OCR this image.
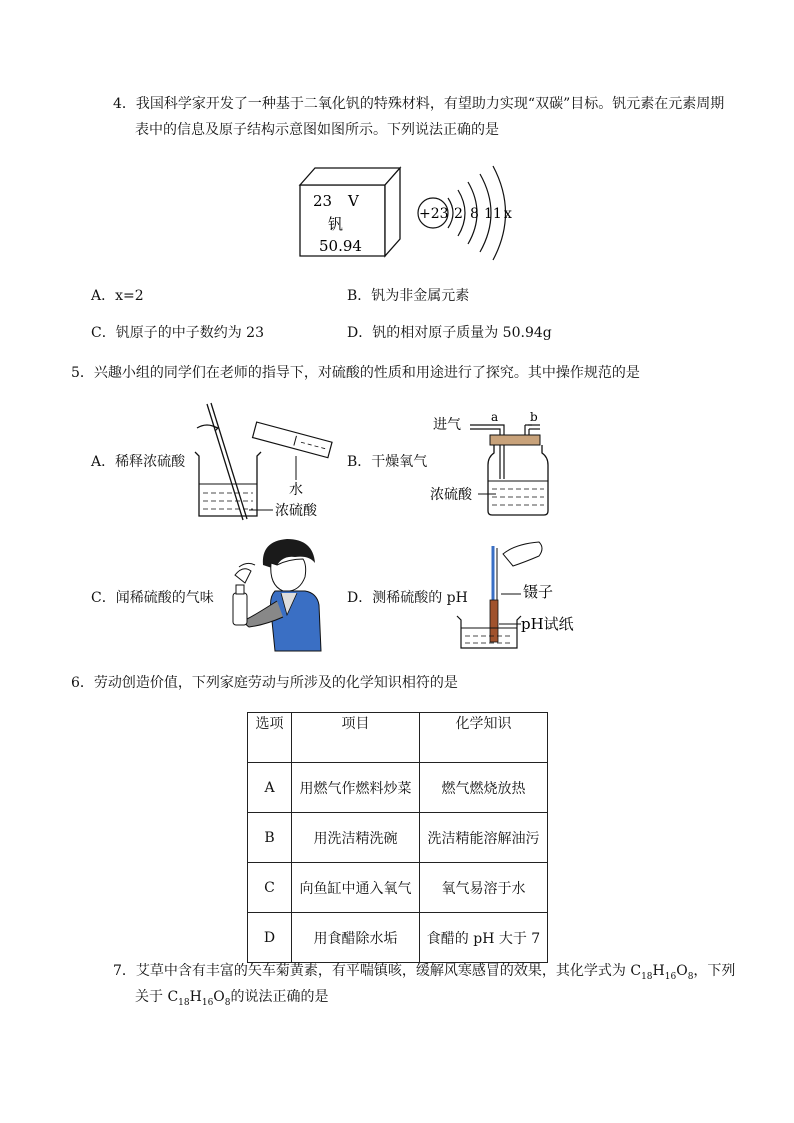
4．我国科学家开发了一种基于二氧化钒的特殊材料，有望助力实现“双碳”目标。钒元素在元素周期
表中的信息及原子结构示意图如图所示。下列说法正确的是
23 V
钒
50.94
+23 2 8 11 x
A．x=2	B．钒为非金属元素
C．钒原子的中子数约为 23	D．钒的相对原子质量为 50.94g
5．兴趣小组的同学们在老师的指导下，对硫酸的性质和用途进行了探究。其中操作规范的是
A．稀释浓硫酸
水
浓硫酸
B．干燥氧气
进气	a	b
浓硫酸
C．闻稀硫酸的气味	D．测稀硫酸的 pH	镊子
pH试纸
6．劳动创造价值，下列家庭劳动与所涉及的化学知识相符的是
选项	项目	化学知识
A	用燃气作燃料炒菜	燃气燃烧放热
B	用洗洁精洗碗	洗洁精能溶解油污
C	向鱼缸中通入氧气	氧气易溶于水
D	用食醋除水垢	食醋的 pH 大于 7
7．艾草中含有丰富的矢车菊黄素，有平喘镇咳，缓解风寒感冒的效果，其化学式为 $C_{18}H_{16}O_8$，下列
关于 $C_{18}H_{16}O_8$的说法正确的是
